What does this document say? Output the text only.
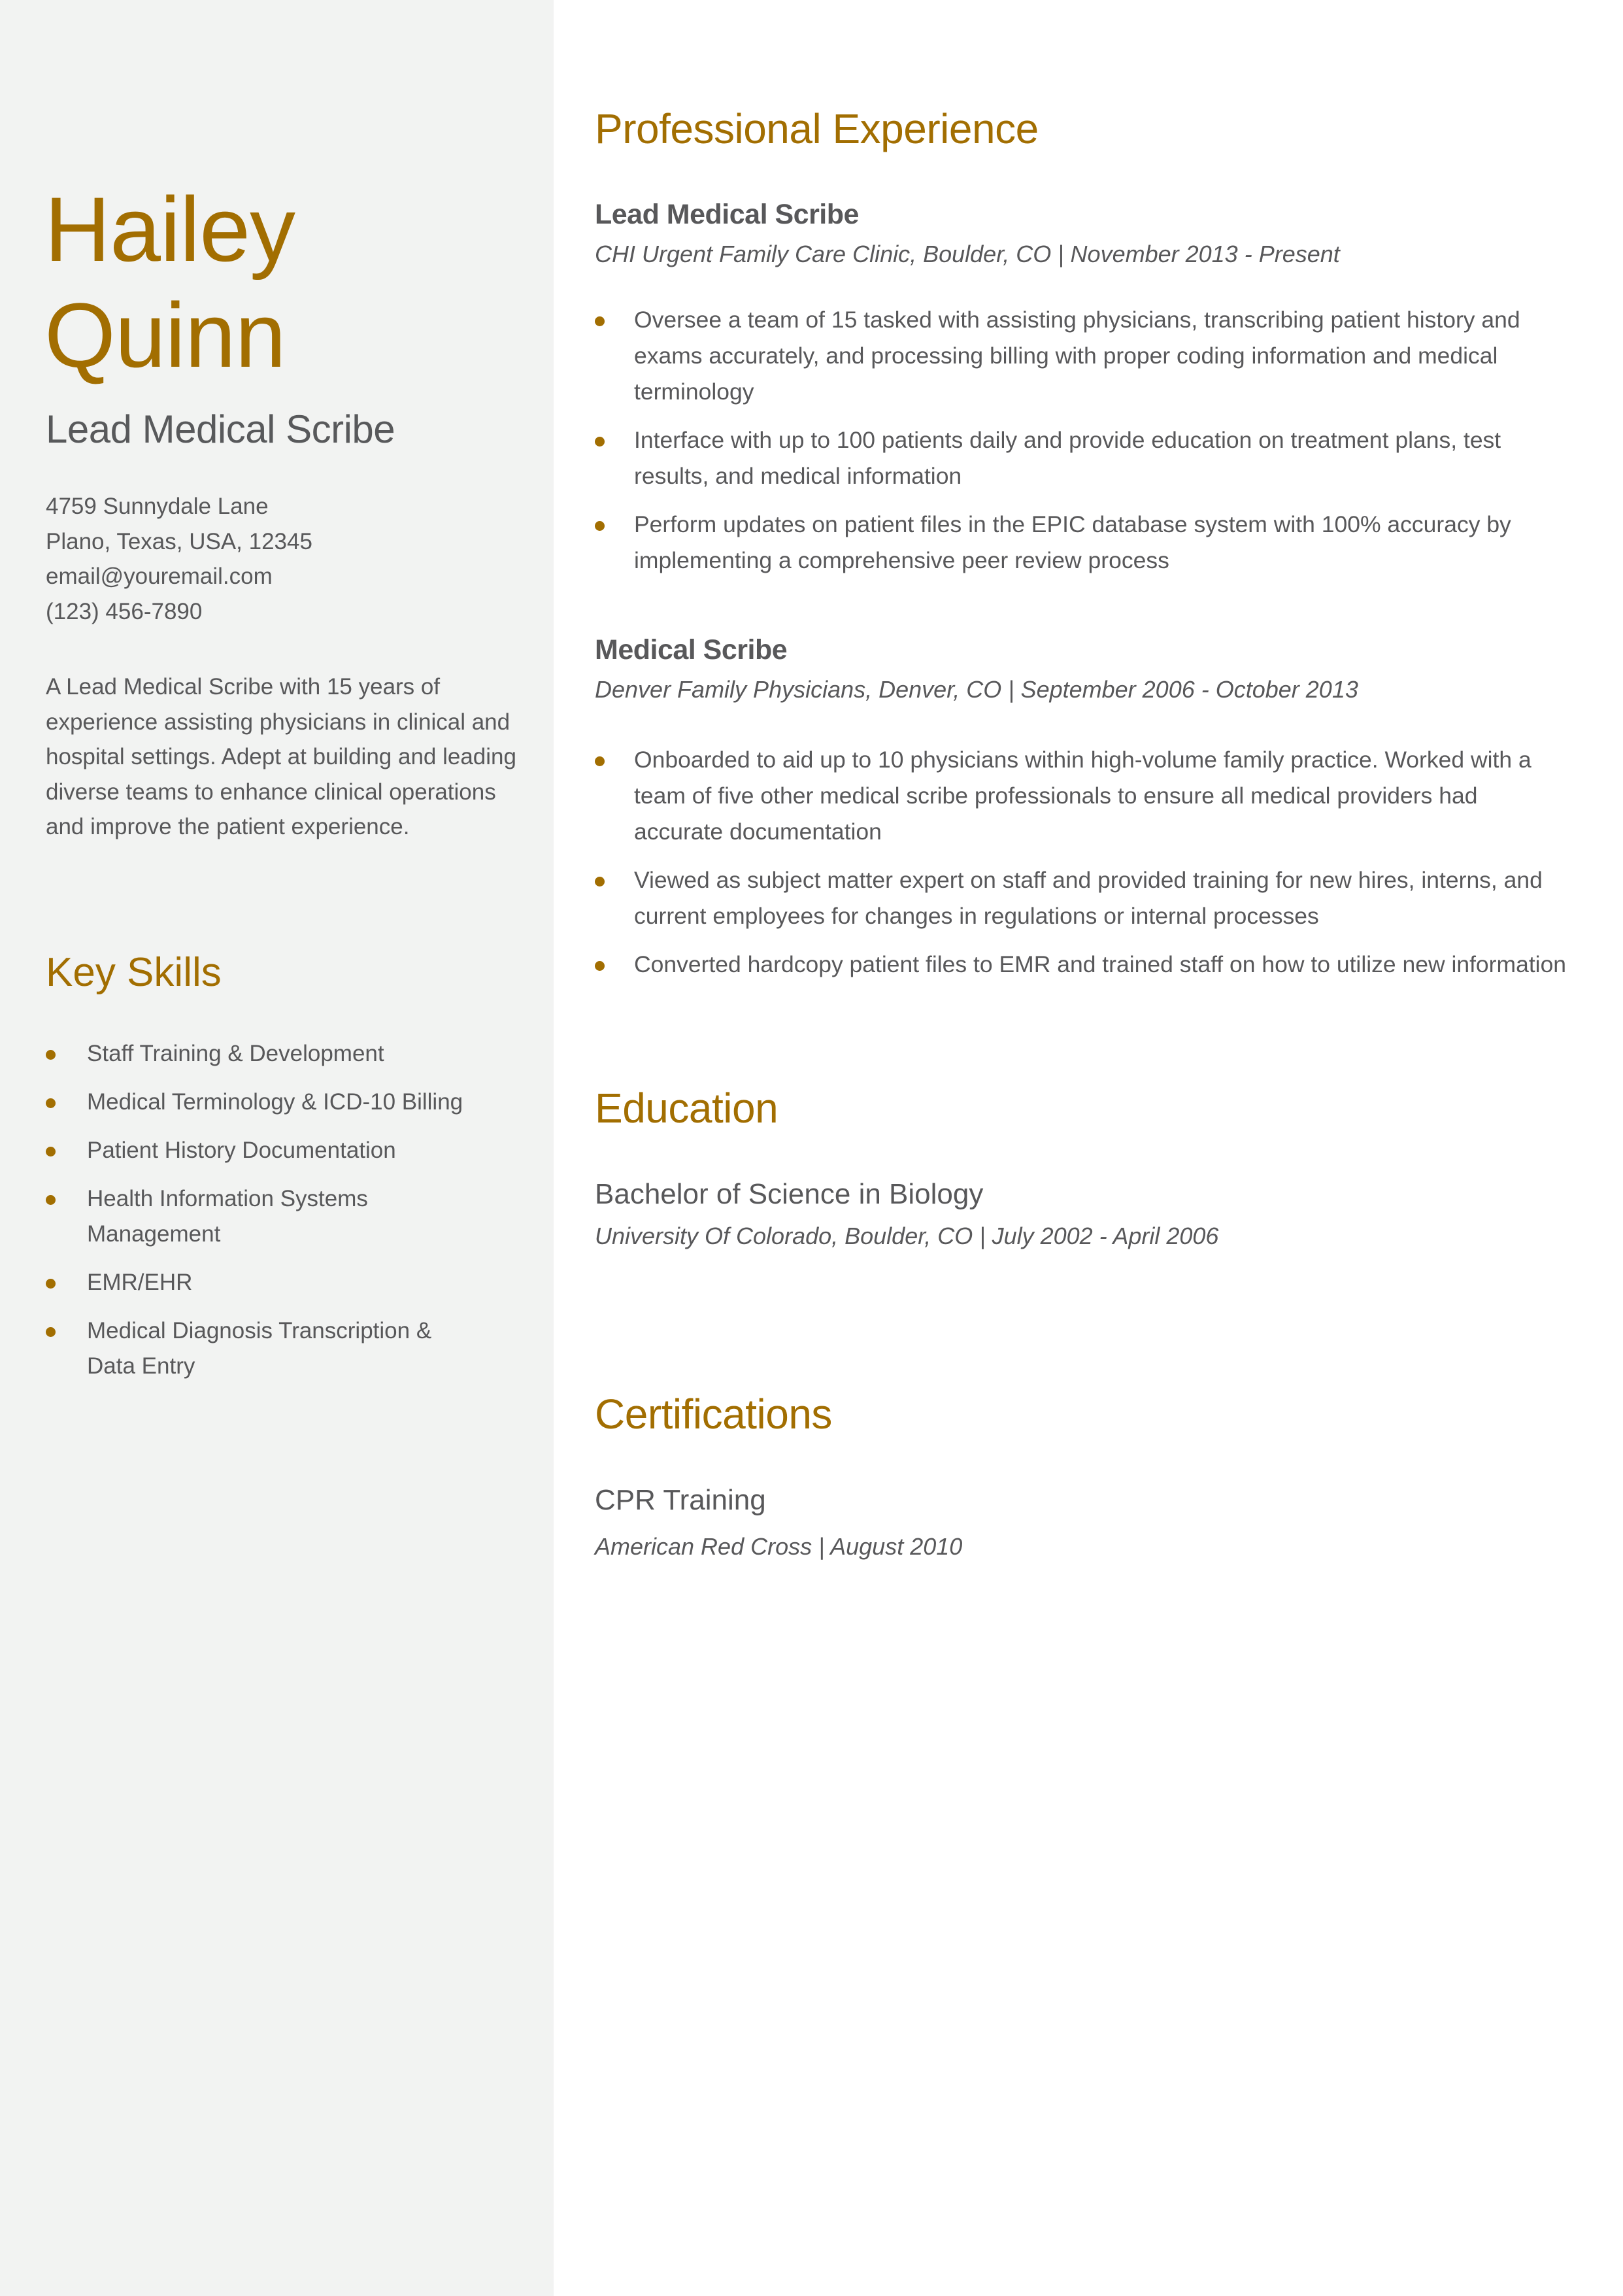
Hailey
Quinn
Lead Medical Scribe
4759 Sunnydale Lane
Plano, Texas, USA, 12345
email@youremail.com
(123) 456-7890

A Lead Medical Scribe with 15 years of experience assisting physicians in clinical and hospital settings. Adept at building and leading diverse teams to enhance clinical operations and improve the patient experience.

Key Skills
Staff Training & Development
Medical Terminology & ICD-10 Billing
Patient History Documentation
Health Information Systems Management
EMR/EHR
Medical Diagnosis Transcription & Data Entry
Professional Experience
Lead Medical Scribe
CHI Urgent Family Care Clinic, Boulder, CO | November 2013 - Present
Oversee a team of 15 tasked with assisting physicians, transcribing patient history and exams accurately, and processing billing with proper coding information and medical terminology
Interface with up to 100 patients daily and provide education on treatment plans, test results, and medical information
Perform updates on patient files in the EPIC database system with 100% accuracy by implementing a comprehensive peer review process
Medical Scribe
Denver Family Physicians, Denver, CO | September 2006 - October 2013
Onboarded to aid up to 10 physicians within high-volume family practice. Worked with a team of five other medical scribe professionals to ensure all medical providers had accurate documentation
Viewed as subject matter expert on staff and provided training for new hires, interns, and current employees for changes in regulations or internal processes
Converted hardcopy patient files to EMR and trained staff on how to utilize new information
Education
Bachelor of Science in Biology
University Of Colorado, Boulder, CO | July 2002 - April 2006
Certifications
CPR Training
American Red Cross | August 2010
